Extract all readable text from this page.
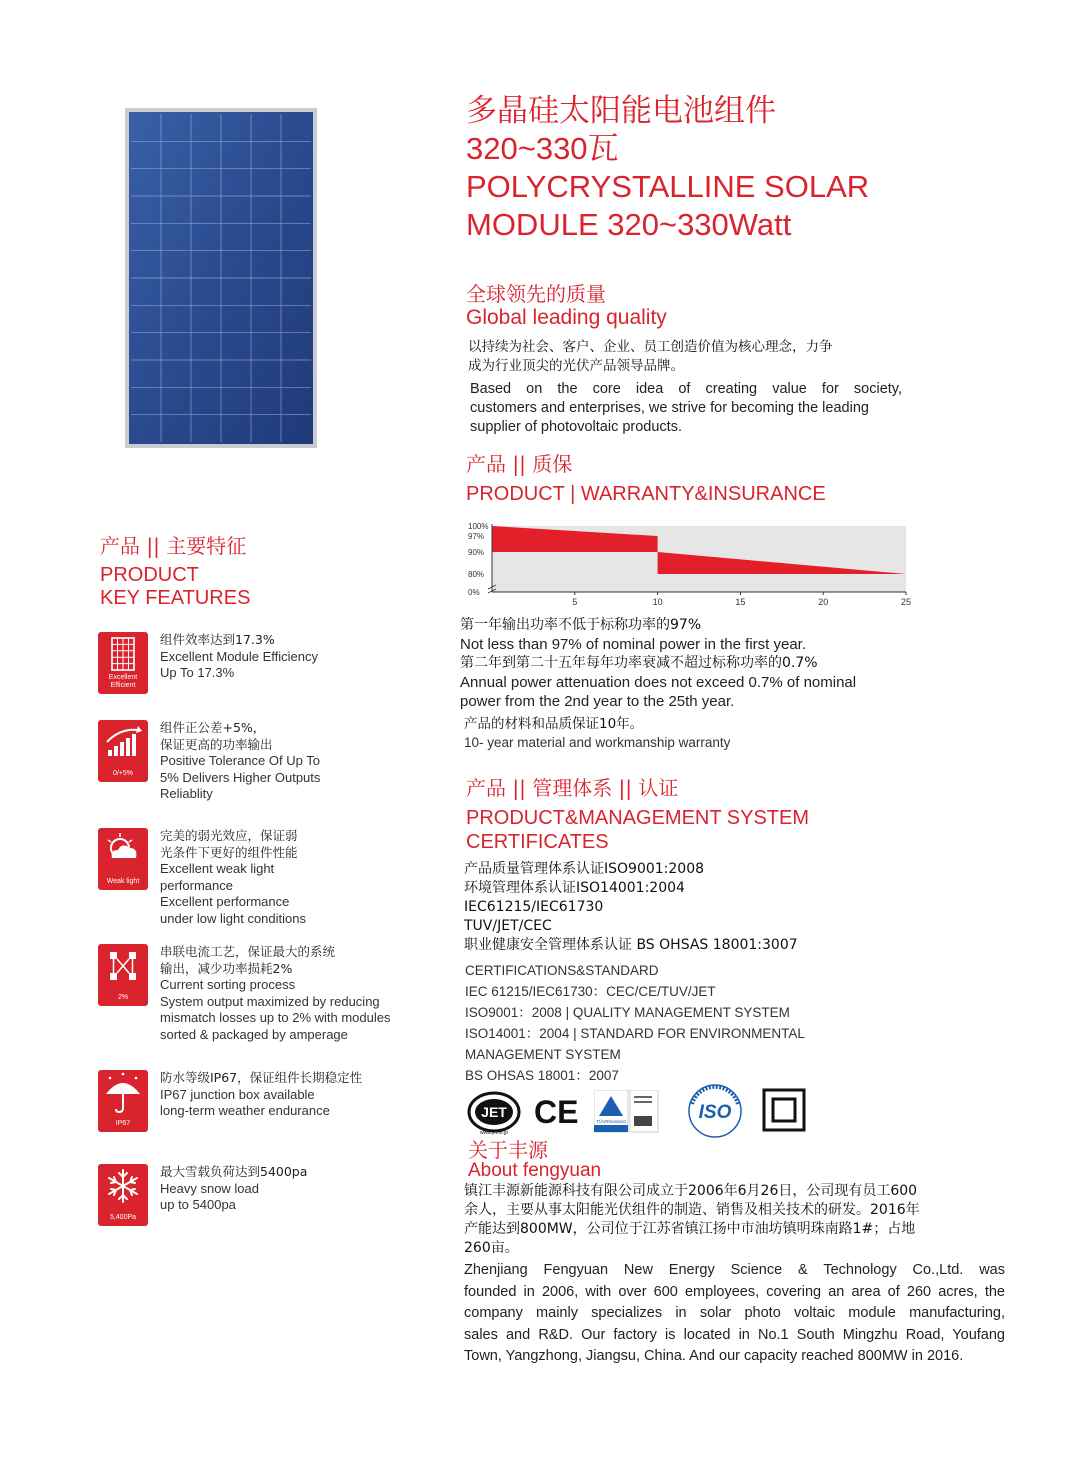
多晶硅太阳能电池组件
320~330瓦
POLYCRYSTALLINE SOLAR
MODULE 320~330Watt
全球领先的质量
Global leading quality
以持续为社会、客户、企业、员工创造价值为核心理念，力争
成为行业顶尖的光伏产品领导品牌。
Based on the core idea of creating value for society,
customers and enterprises, we strive for becoming the leading
supplier of photovoltaic products.
产品 || 质保
PRODUCT | WARRANTY&INSURANCE
100%
97%
90%
80%
0%
5	10	15	20	25
第一年输出功率不低于标称功率的97%
Not less than 97% of nominal power in the first year.
第二年到第二十五年每年功率衰减不超过标称功率的0.7%
Annual power attenuation does not exceed 0.7% of nominal
power from the 2nd year to the 25th year.
产品的材料和品质保证10年。
10- year material and workmanship warranty
产品 || 管理体系 || 认证
PRODUCT&MANAGEMENT SYSTEM
CERTIFICATES
产品质量管理体系认证ISO9001:2008
环境管理体系认证ISO14001:2004
IEC61215/IEC61730
TUV/JET/CEC
职业健康安全管理体系认证 BS OHSAS 18001:3007
CERTIFICATIONS&STANDARD
IEC 61215/IEC61730：CEC/CE/TUV/JET
ISO9001：2008 | QUALITY MANAGEMENT SYSTEM
ISO14001：2004 | STANDARD FOR ENVIRONMENTAL
MANAGEMENT SYSTEM
BS OHSAS 18001：2007
JET
www.jet.or.jp
CE	TÜVRheinland	ISO
关于丰源
About fengyuan
镇江丰源新能源科技有限公司成立于2006年6月26日，公司现有员工600
余人，主要从事太阳能光伏组件的制造、销售及相关技术的研发。2016年
产能达到800MW，公司位于江苏省镇江扬中市油坊镇明珠南路1#；占地
260亩。
Zhenjiang Fengyuan New Energy Science & Technology Co.,Ltd. was
founded in 2006, with over 600 employees, covering an area of 260 acres, the
company mainly specializes in solar photo voltaic module manufacturing,
sales and R&D. Our factory is located in No.1 South Mingzhu Road, Youfang
Town, Yangzhong, Jiangsu, China. And our capacity reached 800MW in 2016.
产品 || 主要特征
PRODUCT
KEY FEATURES
Excellent Efficient
组件效率达到17.3%
Excellent Module Efficiency
Up To 17.3%
0/+5%
组件正公差+5%，
保证更高的功率输出
Positive Tolerance Of Up To
5% Delivers Higher Outputs
Reliablity
Weak light
完美的弱光效应，保证弱
光条件下更好的组件性能
Excellent weak light
performance
Excellent performance
under low light conditions
2%
串联电流工艺，保证最大的系统
输出，减少功率损耗2%
Current sorting process
System output maximized by reducing
mismatch losses up to 2% with modules
sorted & packaged by amperage
IP67
防水等级IP67，保证组件长期稳定性
IP67 junction box available
long-term weather endurance
5,400Pa
最大雪载负荷达到5400pa
Heavy snow load
up to 5400pa
